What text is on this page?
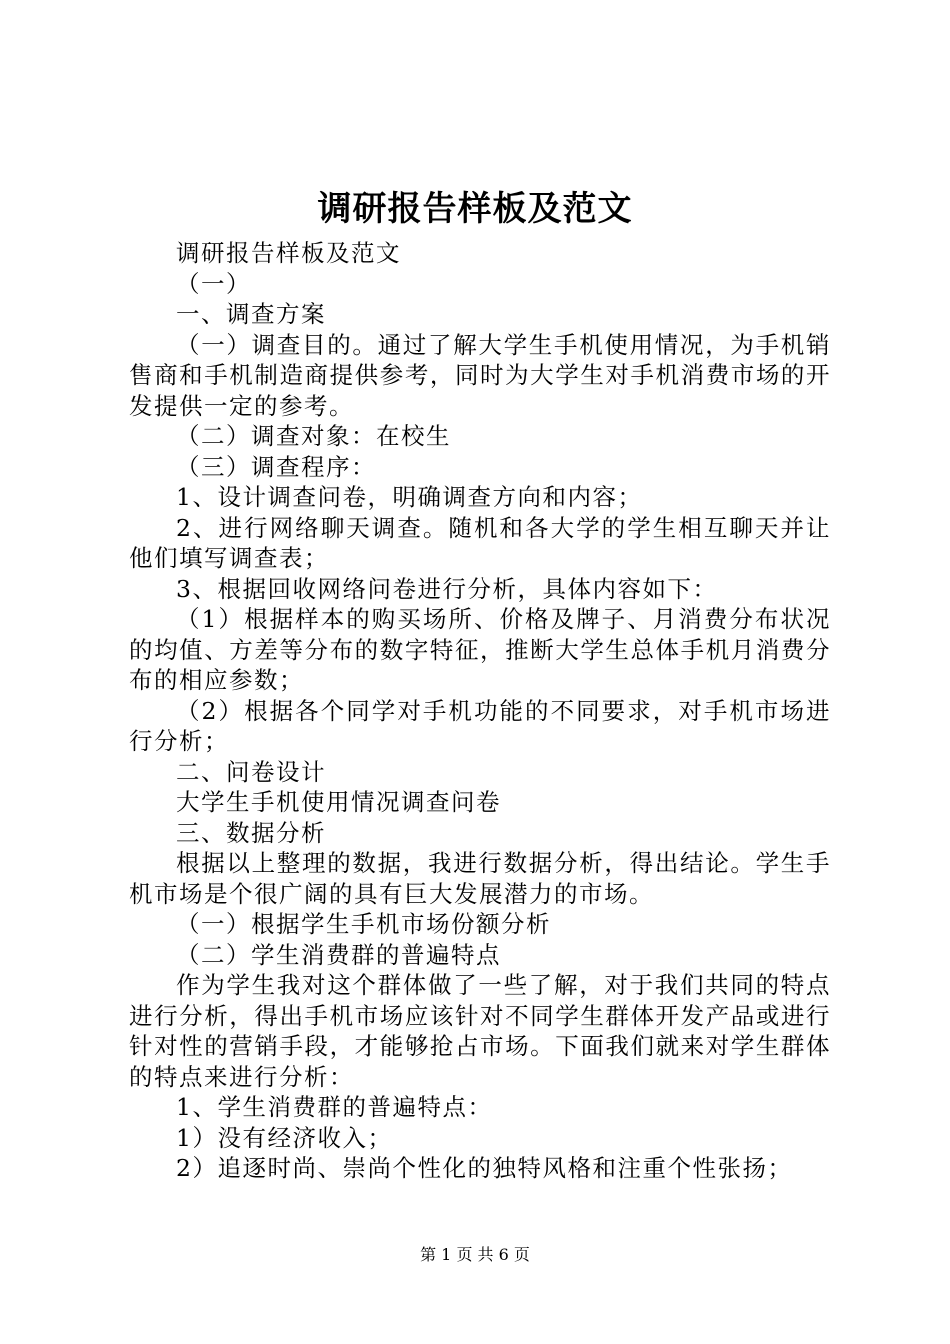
调研报告样板及范文

调研报告样板及范文

（一）

一、调查方案

（一）调查目的。通过了解大学生手机使用情况，为手机销售商和手机制造商提供参考，同时为大学生对手机消费市场的开发提供一定的参考。

（二）调查对象：在校生

（三）调查程序：

1、设计调查问卷，明确调查方向和内容；

2、进行网络聊天调查。随机和各大学的学生相互聊天并让他们填写调查表；

3、根据回收网络问卷进行分析，具体内容如下：

（1）根据样本的购买场所、价格及牌子、月消费分布状况的均值、方差等分布的数字特征，推断大学生总体手机月消费分布的相应参数；

（2）根据各个同学对手机功能的不同要求，对手机市场进行分析；

二、问卷设计

大学生手机使用情况调查问卷

三、数据分析

根据以上整理的数据，我进行数据分析，得出结论。学生手机市场是个很广阔的具有巨大发展潜力的市场。

（一）根据学生手机市场份额分析

（二）学生消费群的普遍特点

作为学生我对这个群体做了一些了解，对于我们共同的特点进行分析，得出手机市场应该针对不同学生群体开发产品或进行针对性的营销手段，才能够抢占市场。下面我们就来对学生群体的特点来进行分析：

1、学生消费群的普遍特点：

1）没有经济收入；

2）追逐时尚、崇尚个性化的独特风格和注重个性张扬；

第 1 页 共 6 页
